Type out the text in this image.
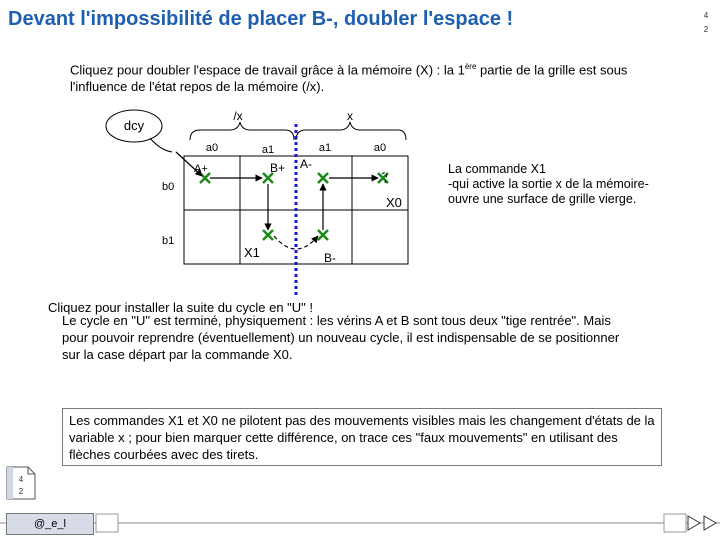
Devant l'impossibilité de placer B-, doubler l'espace !	4
2
Cliquez pour doubler l'espace de travail grâce à la mémoire (X) : la 1ère partie de la grille est sous l'influence de l'état repos de la mémoire (/x).
dcy
/x	x
a0	a1	a1	a0
b0
b1
A+	B+ A-
X0
X1	B-
La commande X1
-qui active la sortie x de la mémoire-
ouvre une surface de grille vierge.
Cliquez pour installer la suite du cycle en "U" !
Le cycle en "U" est terminé, physiquement : les vérins A et B sont tous deux "tige rentrée". Mais pour pouvoir reprendre (éventuellement) un nouveau cycle, il est indispensable de se positionner sur la case départ par la commande X0.
Les commandes X1 et X0 ne pilotent pas des mouvements visibles mais les changement d'états de la variable x ; pour bien marquer cette différence, on trace ces "faux mouvements" en utilisant des flèches courbées avec des tirets.
4
2
@_e_l
